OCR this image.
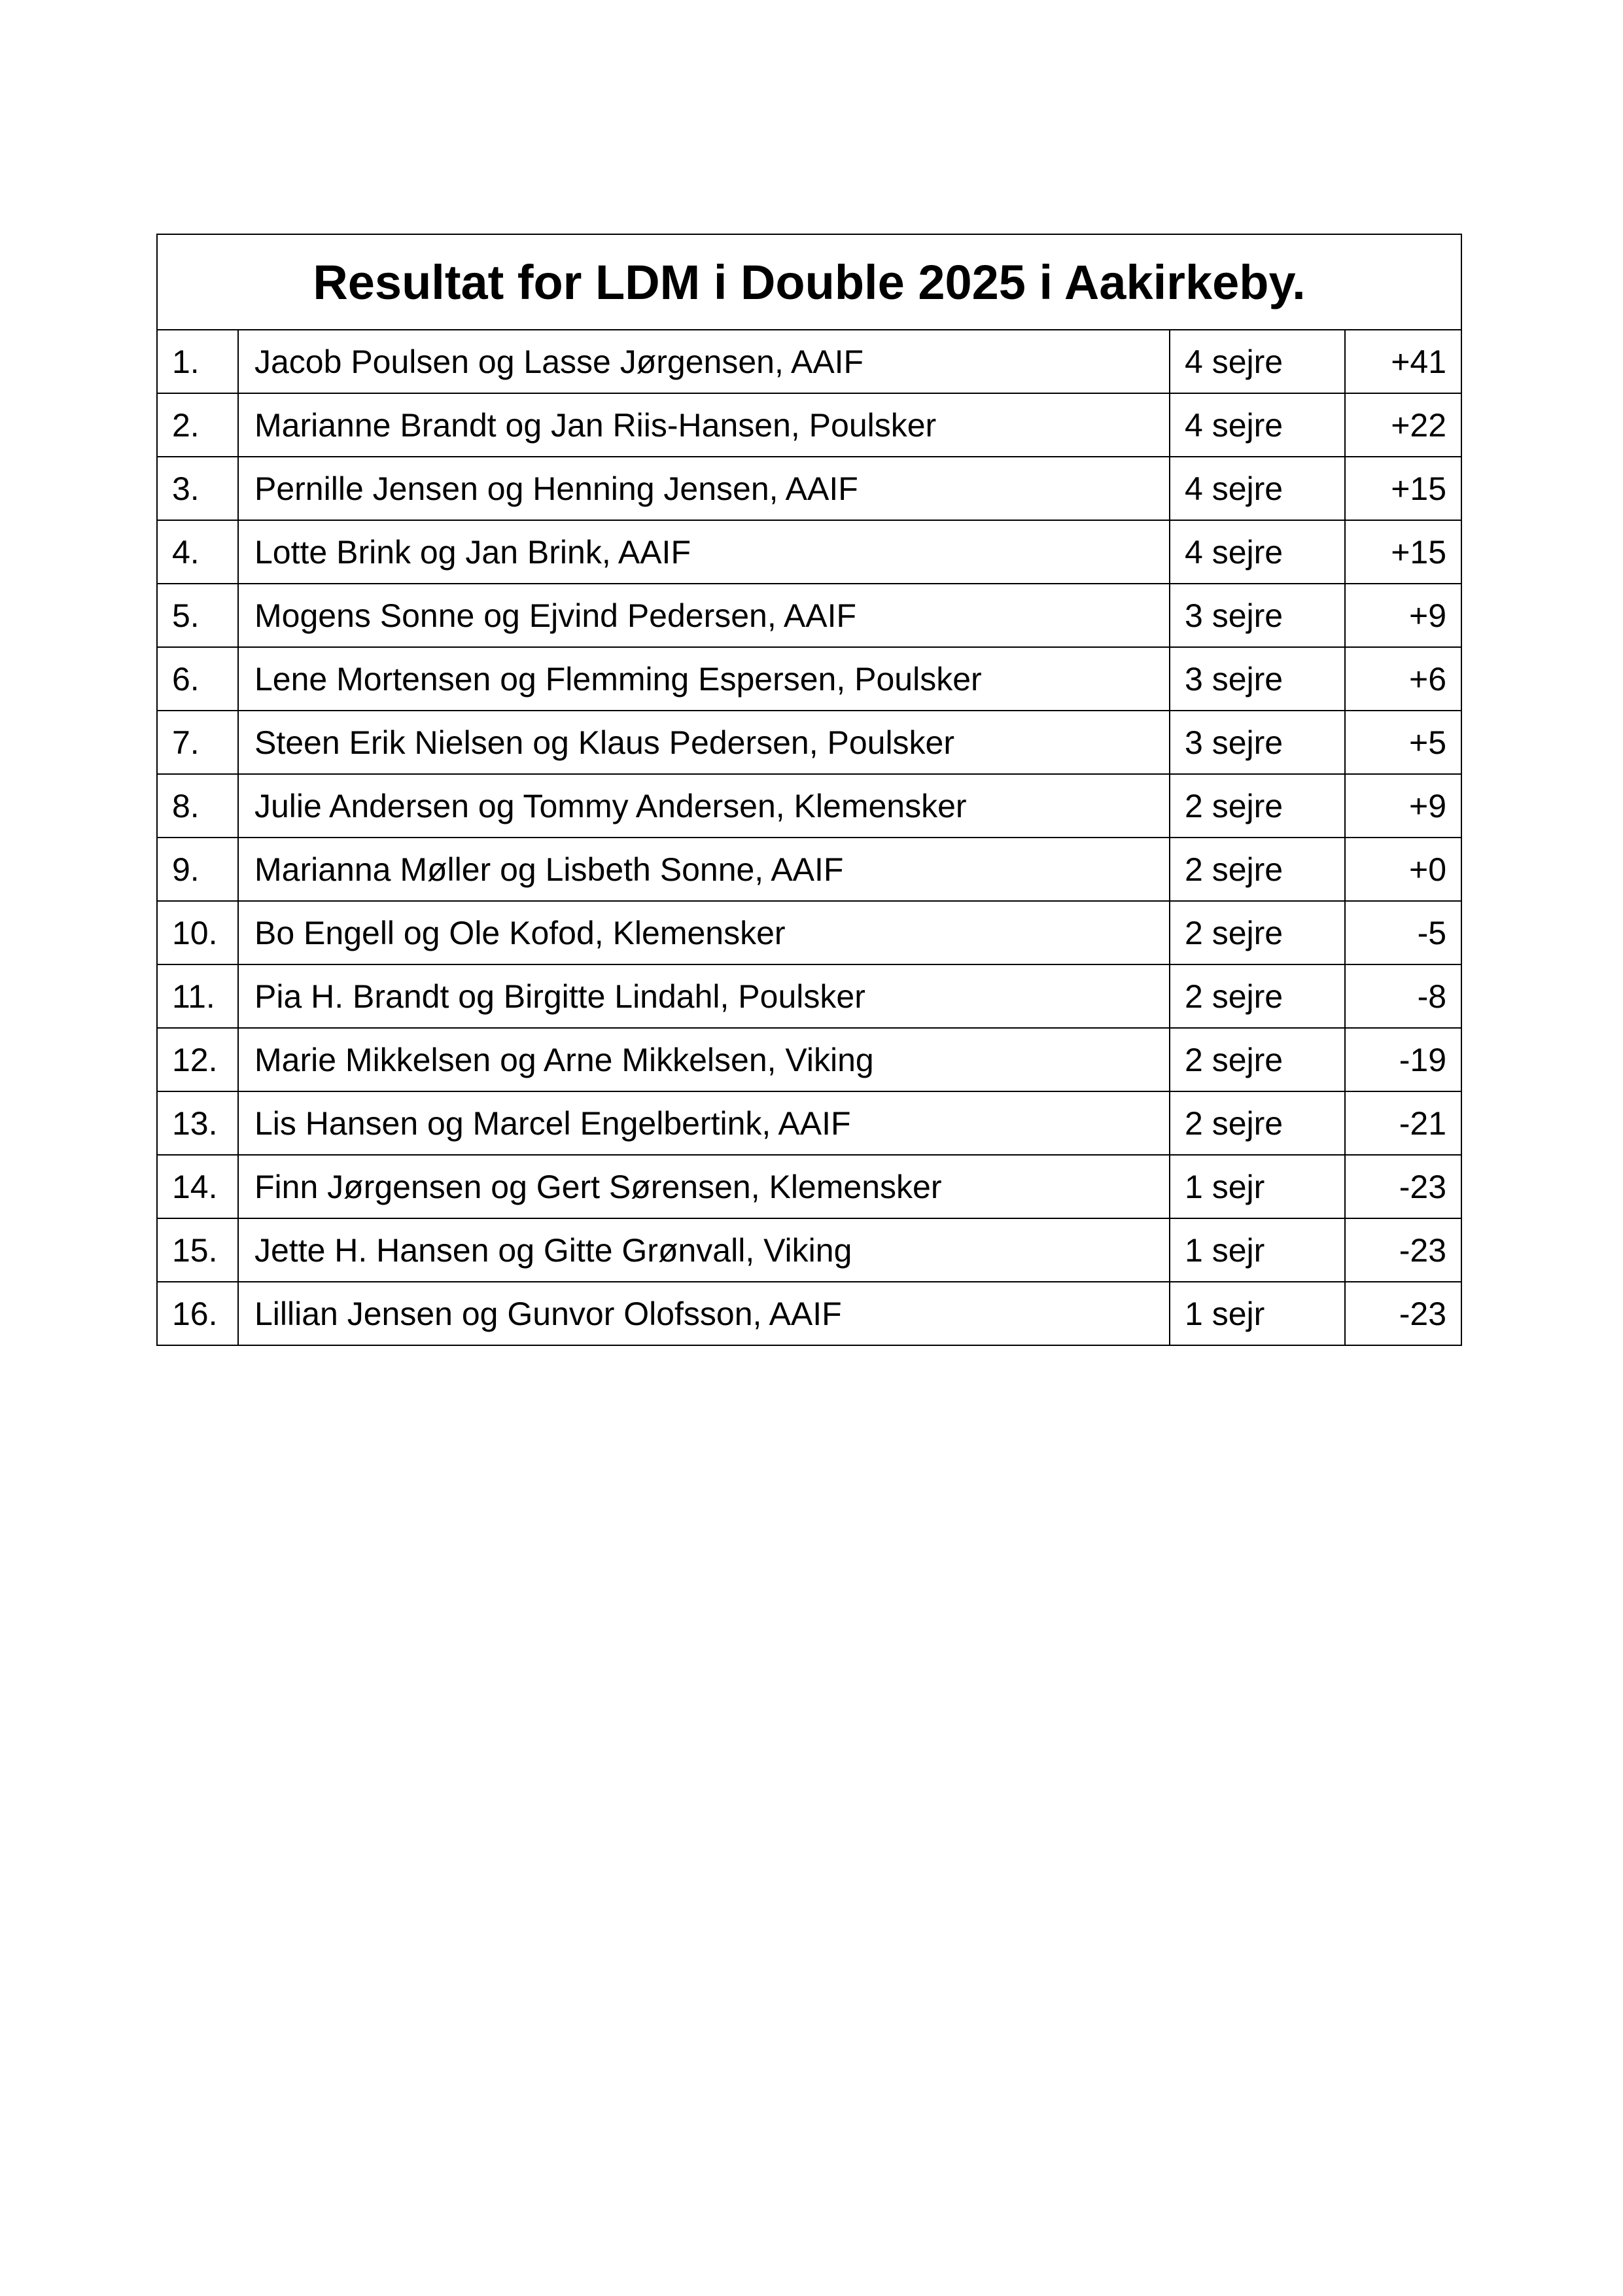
Resultat for LDM i Double 2025 i Aakirkeby.			
1.	Jacob Poulsen og Lasse Jørgensen, AAIF	4 sejre	+41
2.	Marianne Brandt og Jan Riis-Hansen, Poulsker	4 sejre	+22
3.	Pernille Jensen og Henning Jensen, AAIF	4 sejre	+15
4.	Lotte Brink og Jan Brink, AAIF	4 sejre	+15
5.	Mogens Sonne og Ejvind Pedersen, AAIF	3 sejre	+9
6.	Lene Mortensen og Flemming Espersen, Poulsker	3 sejre	+6
7.	Steen Erik Nielsen og Klaus Pedersen, Poulsker	3 sejre	+5
8.	Julie Andersen og Tommy Andersen, Klemensker	2 sejre	+9
9.	Marianna Møller og Lisbeth Sonne, AAIF	2 sejre	+0
10.	Bo Engell og Ole Kofod, Klemensker	2 sejre	-5
11.	Pia H. Brandt og Birgitte Lindahl, Poulsker	2 sejre	-8
12.	Marie Mikkelsen og Arne Mikkelsen, Viking	2 sejre	-19
13.	Lis Hansen og Marcel Engelbertink, AAIF	2 sejre	-21
14.	Finn Jørgensen og Gert Sørensen, Klemensker	1 sejr	-23
15.	Jette H. Hansen og Gitte Grønvall, Viking	1 sejr	-23
16.	Lillian Jensen og Gunvor Olofsson, AAIF	1 sejr	-23
